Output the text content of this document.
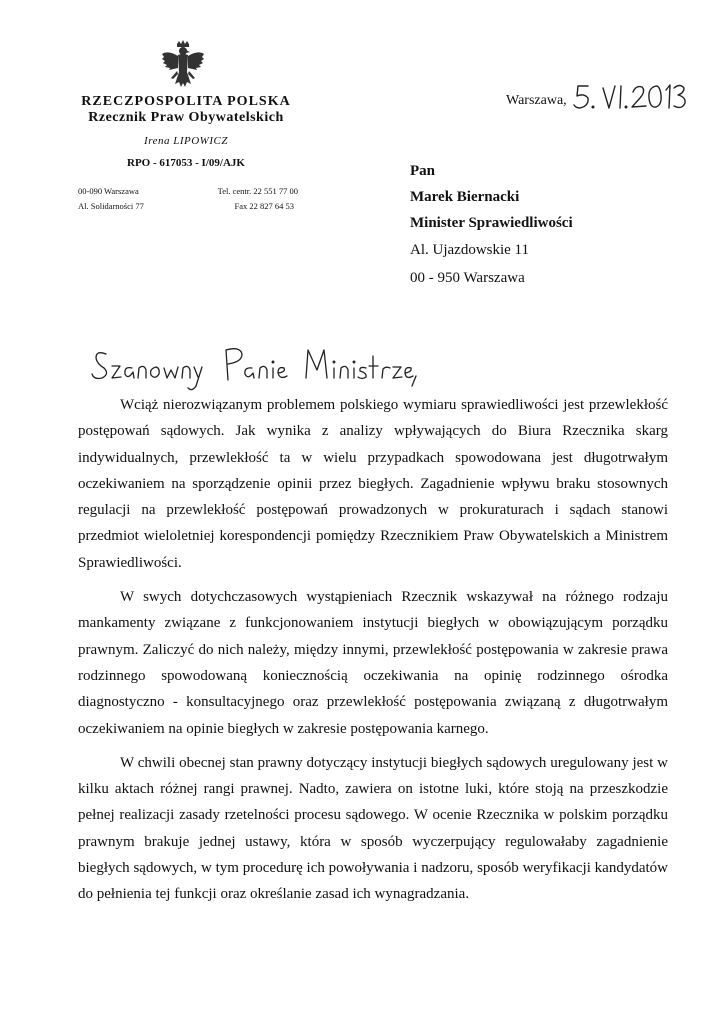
RZECZPOSPOLITA POLSKA
Rzecznik Praw Obywatelskich
Irena LIPOWICZ
RPO - 617053 - I/09/AJK
00-090 Warszawa
Al. Solidarności 77
Tel. centr. 22 551 77 00
Fax 22 827 64 53
Warszawa,
Pan
Marek Biernacki
Minister Sprawiedliwości
Al. Ujazdowskie 11
00 - 950 Warszawa

Wciąż nierozwiązanym problemem polskiego wymiaru sprawiedliwości jest przewlekłość postępowań sądowych. Jak wynika z analizy wpływających do Biura Rzecznika skarg indywidualnych, przewlekłość ta w wielu przypadkach spowodowana jest długotrwałym oczekiwaniem na sporządzenie opinii przez biegłych. Zagadnienie wpływu braku stosownych regulacji na przewlekłość postępowań prowadzonych w prokuraturach i sądach stanowi przedmiot wieloletniej korespondencji pomiędzy Rzecznikiem Praw Obywatelskich a Ministrem Sprawiedliwości.

W swych dotychczasowych wystąpieniach Rzecznik wskazywał na różnego rodzaju mankamenty związane z funkcjonowaniem instytucji biegłych w obowiązującym porządku prawnym. Zaliczyć do nich należy, między innymi, przewlekłość postępowania w zakresie prawa rodzinnego spowodowaną koniecznością oczekiwania na opinię rodzinnego ośrodka diagnostyczno - konsultacyjnego oraz przewlekłość postępowania związaną z długotrwałym oczekiwaniem na opinie biegłych w zakresie postępowania karnego.

W chwili obecnej stan prawny dotyczący instytucji biegłych sądowych uregulowany jest w kilku aktach różnej rangi prawnej. Nadto, zawiera on istotne luki, które stoją na przeszkodzie pełnej realizacji zasady rzetelności procesu sądowego. W ocenie Rzecznika w polskim porządku prawnym brakuje jednej ustawy, która w sposób wyczerpujący regulowałaby zagadnienie biegłych sądowych, w tym procedurę ich powoływania i nadzoru, sposób weryfikacji kandydatów do pełnienia tej funkcji oraz określanie zasad ich wynagradzania.
